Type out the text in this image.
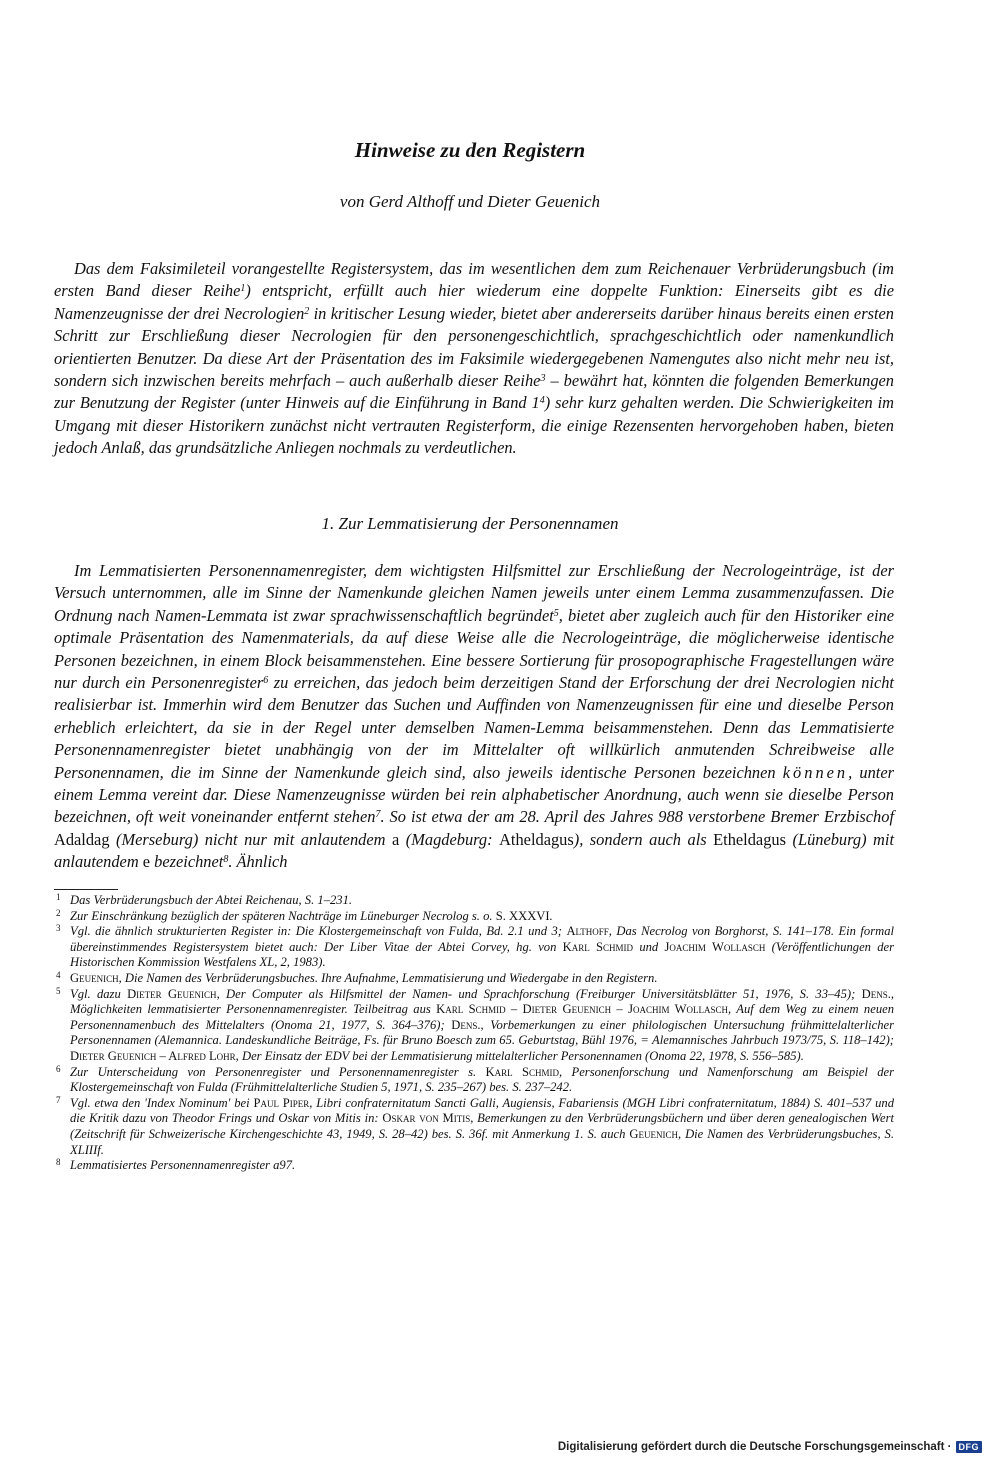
Hinweise zu den Registern
von Gerd Althoff und Dieter Geuenich

Das dem Faksimileteil vorangestellte Registersystem, das im wesentlichen dem zum Reichenauer Verbrüderungsbuch (im ersten Band dieser Reihe$^1$) entspricht, erfüllt auch hier wiederum eine doppelte Funktion: Einerseits gibt es die Namenzeugnisse der drei Necrologien$^2$ in kritischer Lesung wieder, bietet aber andererseits darüber hinaus bereits einen ersten Schritt zur Erschließung dieser Necrologien für den personengeschichtlich, sprachgeschichtlich oder namenkundlich orientierten Benutzer. Da diese Art der Präsentation des im Faksimile wiedergegebenen Namengutes also nicht mehr neu ist, sondern sich inzwischen bereits mehrfach – auch außerhalb dieser Reihe$^3$ – bewährt hat, könnten die folgenden Bemerkungen zur Benutzung der Register (unter Hinweis auf die Einführung in Band $1^4$) sehr kurz gehalten werden. Die Schwierigkeiten im Umgang mit dieser Historikern zunächst nicht vertrauten Registerform, die einige Rezensenten hervorgehoben haben, bieten jedoch Anlaß, das grundsätzliche Anliegen nochmals zu verdeutlichen.

1. Zur Lemmatisierung der Personennamen

Im Lemmatisierten Personennamenregister, dem wichtigsten Hilfsmittel zur Erschließung der Necrologeinträge, ist der Versuch unternommen, alle im Sinne der Namenkunde gleichen Namen jeweils unter einem Lemma zusammenzufassen. Die Ordnung nach Namen-Lemmata ist zwar sprachwissenschaftlich begründet$^5$, bietet aber zugleich auch für den Historiker eine optimale Präsentation des Namenmaterials, da auf diese Weise alle die Necrologeinträge, die möglicherweise identische Personen bezeichnen, in einem Block beisammenstehen. Eine bessere Sortierung für prosopographische Fragestellungen wäre nur durch ein Personenregister$^6$ zu erreichen, das jedoch beim derzeitigen Stand der Erforschung der drei Necrologien nicht realisierbar ist. Immerhin wird dem Benutzer das Suchen und Auffinden von Namenzeugnissen für eine und dieselbe Person erheblich erleichtert, da sie in der Regel unter demselben Namen-Lemma beisammenstehen. Denn das Lemmatisierte Personennamenregister bietet unabhängig von der im Mittelalter oft willkürlich anmutenden Schreibweise alle Personennamen, die im Sinne der Namenkunde gleich sind, also jeweils identische Personen bezeichnen können, unter einem Lemma vereint dar. Diese Namenzeugnisse würden bei rein alphabetischer Anordnung, auch wenn sie dieselbe Person bezeichnen, oft weit voneinander entfernt stehen$^7$. So ist etwa der am 28. April des Jahres 988 verstorbene Bremer Erzbischof Adaldag (Merseburg) nicht nur mit anlautendem a (Magdeburg: Atheldagus), sondern auch als Etheldagus (Lüneburg) mit anlautendem e bezeichnet$^8$. Ähnlich

1 Das Verbrüderungsbuch der Abtei Reichenau, S. 1–231.

2 Zur Einschränkung bezüglich der späteren Nachträge im Lüneburger Necrolog s. o. S. XXXVI.

3 Vgl. die ähnlich strukturierten Register in: Die Klostergemeinschaft von Fulda, Bd. 2.1 und 3; Althoff, Das Necrolog von Borghorst, S. 141–178. Ein formal übereinstimmendes Registersystem bietet auch: Der Liber Vitae der Abtei Corvey, hg. von Karl Schmid und Joachim Wollasch (Veröffentlichungen der Historischen Kommission Westfalens XL, 2, 1983).

4 Geuenich, Die Namen des Verbrüderungsbuches. Ihre Aufnahme, Lemmatisierung und Wiedergabe in den Registern.

5 Vgl. dazu Dieter Geuenich, Der Computer als Hilfsmittel der Namen- und Sprachforschung (Freiburger Universitätsblätter 51, 1976, S. 33–45); Dens., Möglichkeiten lemmatisierter Personennamenregister. Teilbeitrag aus Karl Schmid – Dieter Geuenich – Joachim Wollasch, Auf dem Weg zu einem neuen Personennamenbuch des Mittelalters (Onoma 21, 1977, S. 364–376); Dens., Vorbemerkungen zu einer philologischen Untersuchung frühmittelalterlicher Personennamen (Alemannica. Landeskundliche Beiträge, Fs. für Bruno Boesch zum 65. Geburtstag, Bühl 1976, = Alemannisches Jahrbuch 1973/75, S. 118–142); Dieter Geuenich – Alfred Lohr, Der Einsatz der EDV bei der Lemmatisierung mittelalterlicher Personennamen (Onoma 22, 1978, S. 556–585).

6 Zur Unterscheidung von Personenregister und Personennamenregister s. Karl Schmid, Personenforschung und Namenforschung am Beispiel der Klostergemeinschaft von Fulda (Frühmittelalterliche Studien 5, 1971, S. 235–267) bes. S. 237–242.

7 Vgl. etwa den 'Index Nominum' bei Paul Piper, Libri confraternitatum Sancti Galli, Augiensis, Fabariensis (MGH Libri confraternitatum, 1884) S. 401–537 und die Kritik dazu von Theodor Frings und Oskar von Mitis in: Oskar von Mitis, Bemerkungen zu den Verbrüderungsbüchern und über deren genealogischen Wert (Zeitschrift für Schweizerische Kirchengeschichte 43, 1949, S. 28–42) bes. S. 36f. mit Anmerkung 1. S. auch Geuenich, Die Namen des Verbrüderungsbuches, S. XLIIIf.

8 Lemmatisiertes Personennamenregister a97.

Digitalisierung gefördert durch die Deutsche Forschungsgemeinschaft · DFG
